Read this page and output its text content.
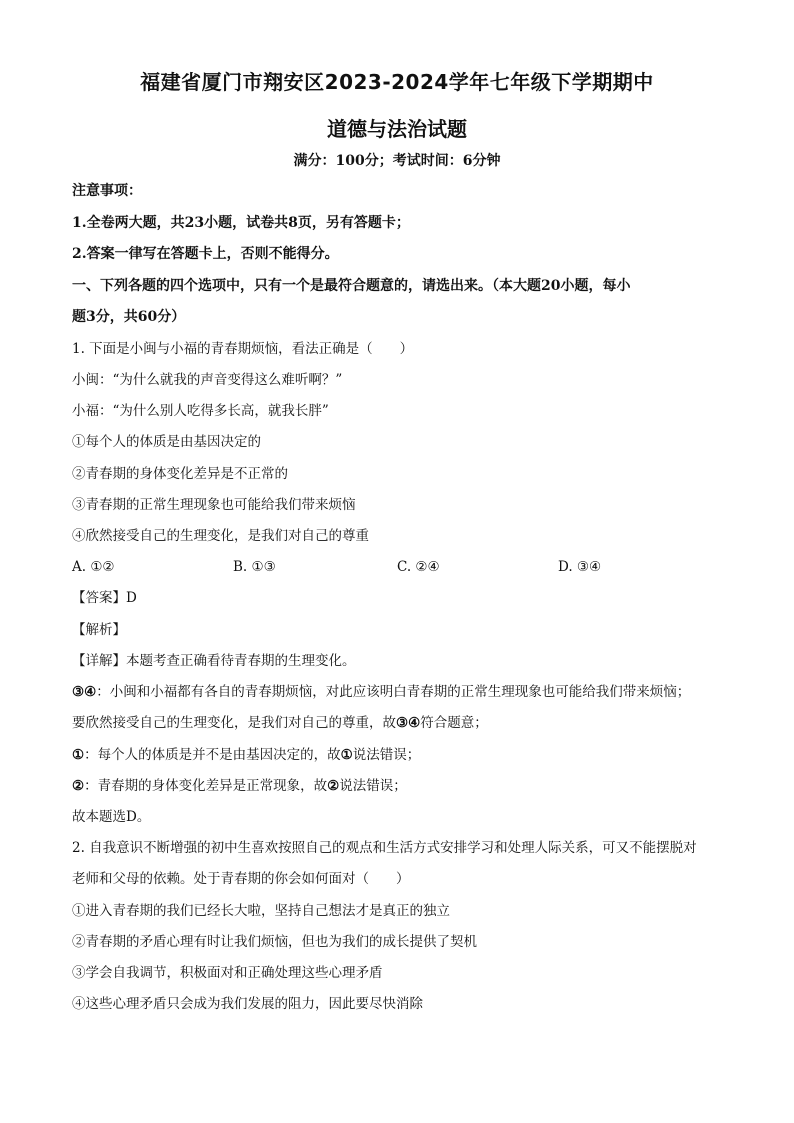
福建省厦门市翔安区2023-2024学年七年级下学期期中
道德与法治试题
满分：100分；考试时间：6分钟
注意事项：
1.全卷两大题，共23小题，试卷共8页，另有答题卡；
2.答案一律写在答题卡上，否则不能得分。
一、下列各题的四个选项中，只有一个是最符合题意的，请选出来。（本大题20小题，每小
题3分，共60分）
1. 下面是小闽与小福的青春期烦恼，看法正确是（　　）
小闽：“为什么就我的声音变得这么难听啊？”
小福：“为什么别人吃得多长高，就我长胖”
①每个人的体质是由基因决定的
②青春期的身体变化差异是不正常的
③青春期的正常生理现象也可能给我们带来烦恼
④欣然接受自己的生理变化，是我们对自己的尊重
A. ①②	B. ①③	C. ②④	D. ③④
【答案】D
【解析】
【详解】本题考查正确看待青春期的生理变化。
③④：小闽和小福都有各自的青春期烦恼，对此应该明白青春期的正常生理现象也可能给我们带来烦恼；
要欣然接受自己的生理变化，是我们对自己的尊重，故③④符合题意；
①：每个人的体质是并不是由基因决定的，故①说法错误；
②：青春期的身体变化差异是正常现象，故②说法错误；
故本题选D。
2. 自我意识不断增强的初中生喜欢按照自己的观点和生活方式安排学习和处理人际关系，可又不能摆脱对
老师和父母的依赖。处于青春期的你会如何面对（　　）
①进入青春期的我们已经长大啦，坚持自己想法才是真正的独立
②青春期的矛盾心理有时让我们烦恼，但也为我们的成长提供了契机
③学会自我调节，积极面对和正确处理这些心理矛盾
④这些心理矛盾只会成为我们发展的阻力，因此要尽快消除
